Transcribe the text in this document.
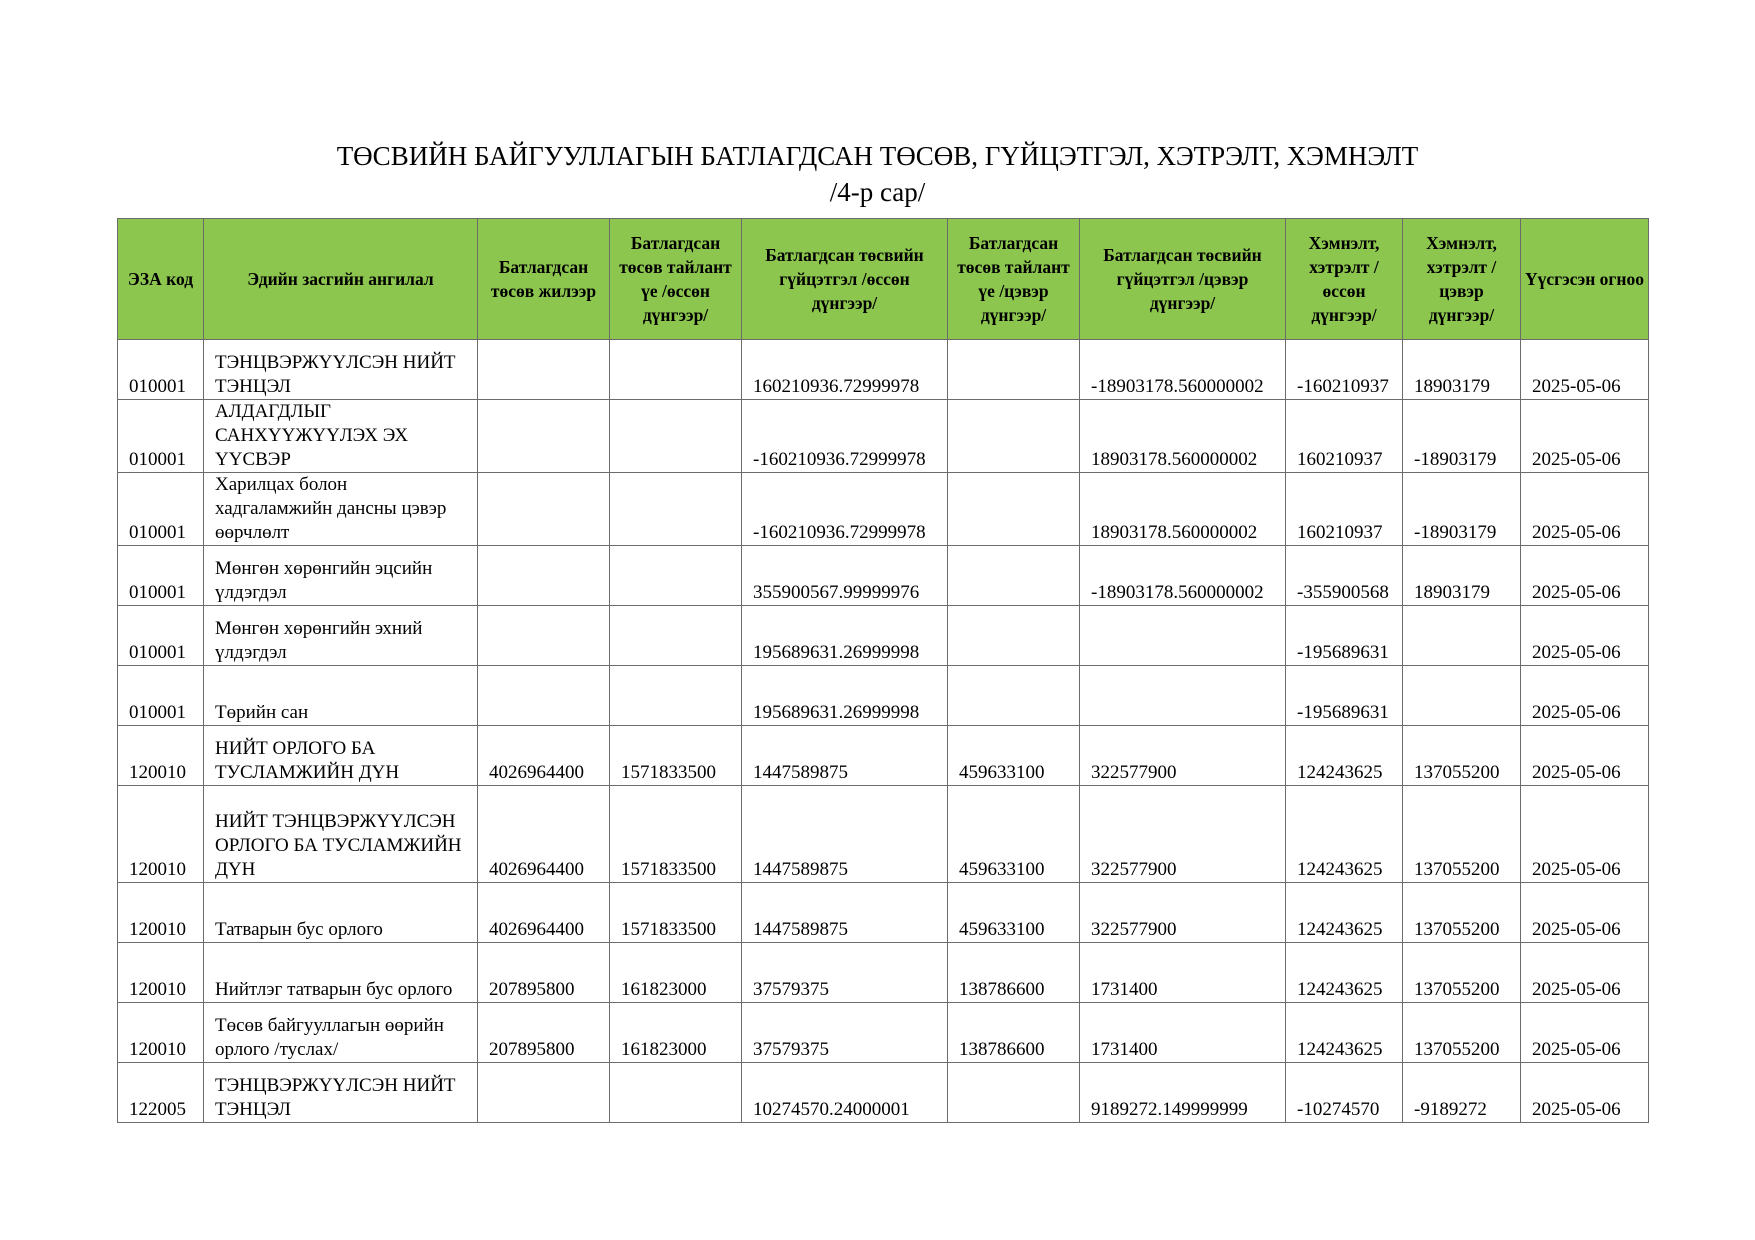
ТӨСВИЙН БАЙГУУЛЛАГЫН БАТЛАГДСАН ТӨСӨВ, ГҮЙЦЭТГЭЛ, ХЭТРЭЛТ, ХЭМНЭЛТ
/4-р сар/
ЭЗА код	Эдийн засгийн ангилал	Батлагдсан төсөв жилээр	Батлагдсан төсөв тайлант үе /өссөн дүнгээр/	Батлагдсан төсвийн гүйцэтгэл /өссөн дүнгээр/	Батлагдсан төсөв тайлант үе /цэвэр дүнгээр/	Батлагдсан төсвийн гүйцэтгэл /цэвэр дүнгээр/	Хэмнэлт, хэтрэлт /өссөн дүнгээр/	Хэмнэлт, хэтрэлт /цэвэр дүнгээр/	Үүсгэсэн огноо
010001	ТЭНЦВЭРЖҮҮЛСЭН НИЙТ ТЭНЦЭЛ			160210936.72999978		-18903178.560000002	-160210937	18903179	2025-05-06
010001	АЛДАГДЛЫГ САНХҮҮЖҮҮЛЭХ ЭХ ҮҮСВЭР			-160210936.72999978		18903178.560000002	160210937	-18903179	2025-05-06
010001	Харилцах болон хадгаламжийн дансны цэвэр өөрчлөлт			-160210936.72999978		18903178.560000002	160210937	-18903179	2025-05-06
010001	Мөнгөн хөрөнгийн эцсийн үлдэгдэл			355900567.99999976		-18903178.560000002	-355900568	18903179	2025-05-06
010001	Мөнгөн хөрөнгийн эхний үлдэгдэл			195689631.26999998			-195689631		2025-05-06
010001	Төрийн сан			195689631.26999998			-195689631		2025-05-06
120010	НИЙТ ОРЛОГО БА ТУСЛАМЖИЙН ДҮН	4026964400	1571833500	1447589875	459633100	322577900	124243625	137055200	2025-05-06
120010	НИЙТ ТЭНЦВЭРЖҮҮЛСЭН ОРЛОГО БА ТУСЛАМЖИЙН ДҮН	4026964400	1571833500	1447589875	459633100	322577900	124243625	137055200	2025-05-06
120010	Татварын бус орлого	4026964400	1571833500	1447589875	459633100	322577900	124243625	137055200	2025-05-06
120010	Нийтлэг татварын бус орлого	207895800	161823000	37579375	138786600	1731400	124243625	137055200	2025-05-06
120010	Төсөв байгууллагын өөрийн орлого /туслах/	207895800	161823000	37579375	138786600	1731400	124243625	137055200	2025-05-06
122005	ТЭНЦВЭРЖҮҮЛСЭН НИЙТ ТЭНЦЭЛ			10274570.24000001		9189272.149999999	-10274570	-9189272	2025-05-06
